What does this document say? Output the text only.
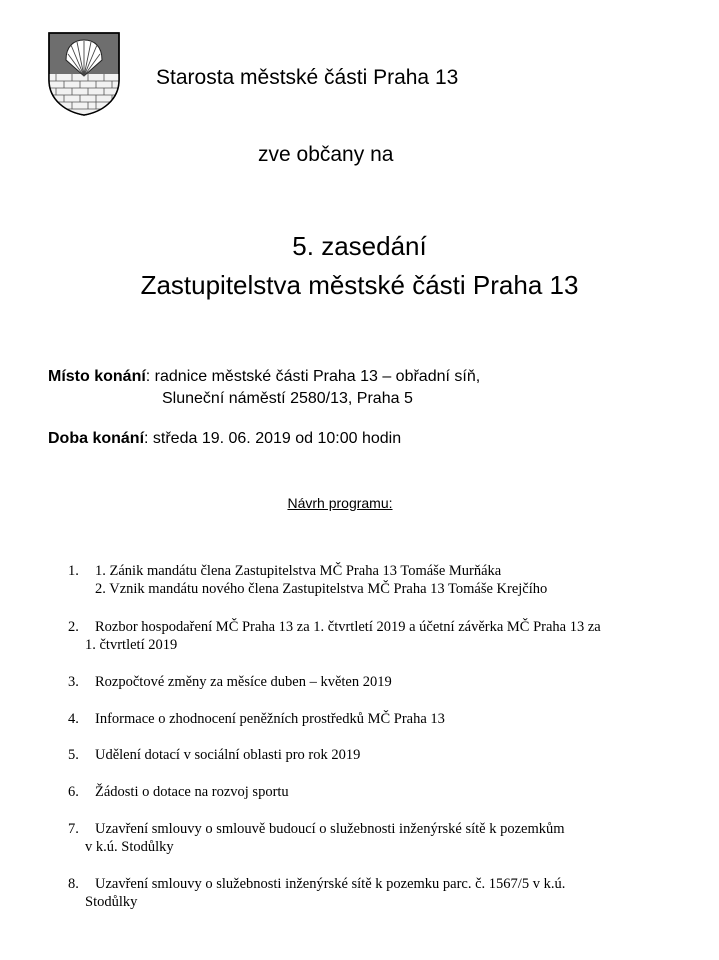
Starosta městské části Praha 13
zve občany na
5. zasedání
Zastupitelstva městské části Praha 13
Místo konání: radnice městské části Praha 13 – obřadní síň,
Sluneční náměstí 2580/13, Praha 5
Doba konání: středa 19. 06. 2019 od 10:00 hodin
Návrh programu:
1. 1. Zánik mandátu člena Zastupitelstva MČ Praha 13 Tomáše Murňáka
2. Vznik mandátu nového člena Zastupitelstva MČ Praha 13 Tomáše Krejčího
2. Rozbor hospodaření MČ Praha 13 za 1. čtvrtletí 2019 a účetní závěrka MČ Praha 13 za
1. čtvrtletí 2019
3. Rozpočtové změny za měsíce duben – květen 2019
4. Informace o zhodnocení peněžních prostředků MČ Praha 13
5. Udělení dotací v sociální oblasti pro rok 2019
6. Žádosti o dotace na rozvoj sportu
7. Uzavření smlouvy o smlouvě budoucí o služebnosti inženýrské sítě k pozemkům
v k.ú. Stodůlky
8. Uzavření smlouvy o služebnosti inženýrské sítě k pozemku parc. č. 1567/5 v k.ú.
Stodůlky
